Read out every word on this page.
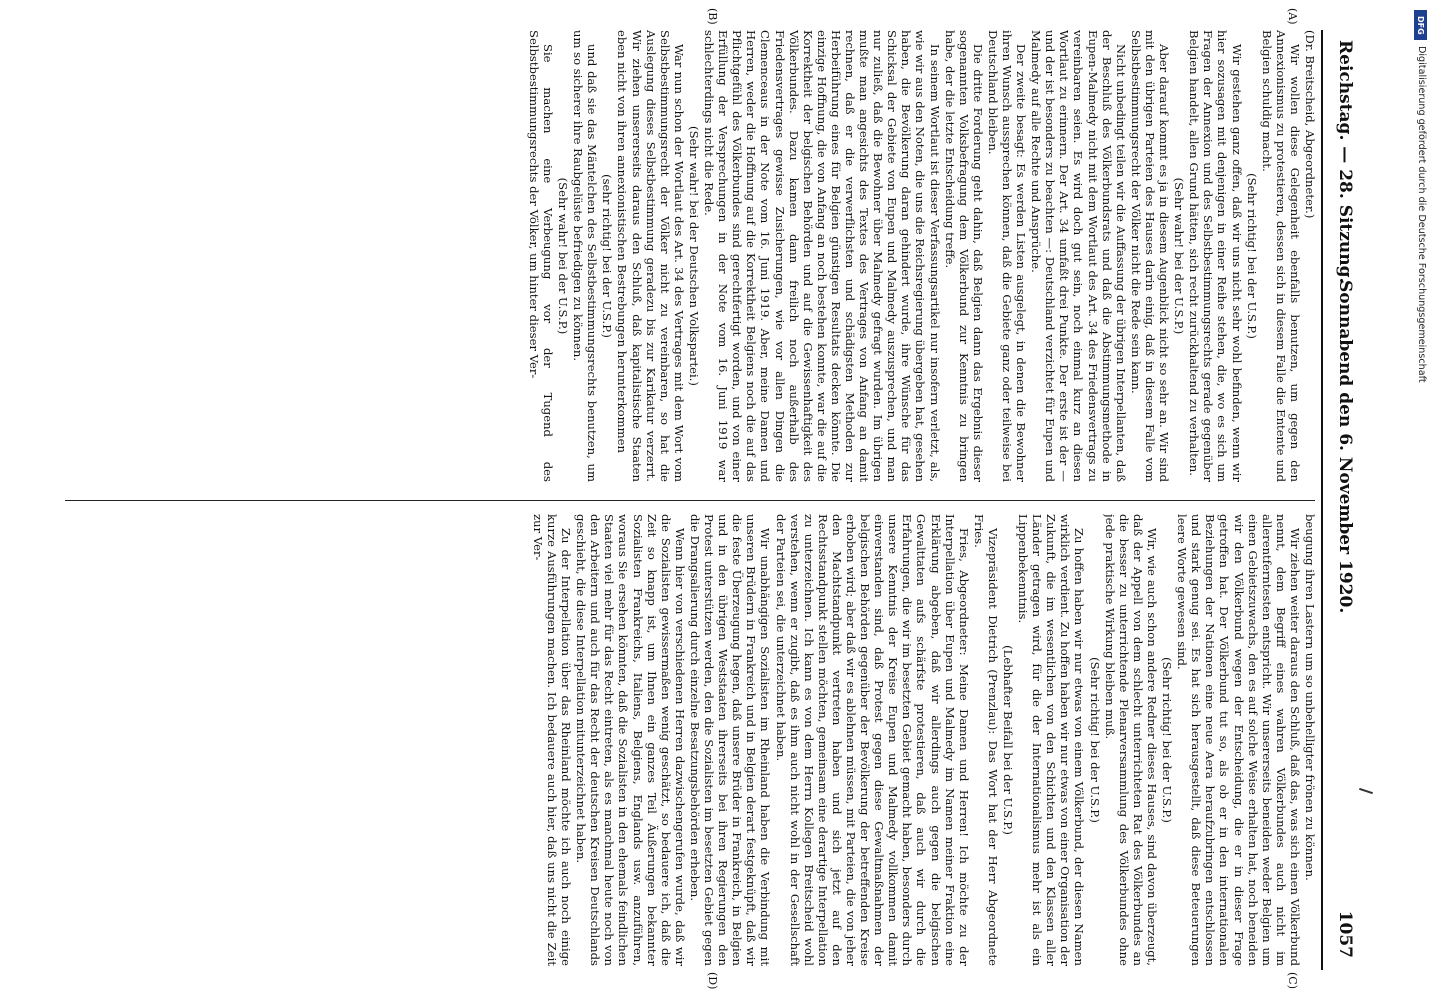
Reichstag. — 28. Sitzung.
Sonnabend den 6. November 1920.
1057
(A)
(B)
(C)
(D)

(Dr. Breitscheid, Abgeordneter.)

Wir wollen diese Gelegenheit ebenfalls benutzen, um gegen den Annexionismus zu protestieren, dessen sich in diesem Falle die Entente und Belgien schuldig macht.

(Sehr richtig! bei der U.S.P.)

Wir gestehen ganz offen, daß wir uns nicht sehr wohl befinden, wenn wir hier sozusagen mit denjenigen in einer Reihe stehen, die, wo es sich um Fragen der Annexion und des Selbstbestimmungsrechts gerade gegenüber Belgien handelt, allen Grund hätten, sich recht zurückhaltend zu verhalten.

(Sehr wahr! bei der U.S.P.)

Aber darauf kommt es ja in diesem Augenblick nicht so sehr an. Wir sind mit den übrigen Parteien des Hauses darin einig, daß in diesem Falle vom Selbstbestimmungsrecht der Völker nicht die Rede sein kann.

Nicht unbedingt teilen wir die Auffassung der übrigen Interpellanten, daß der Beschluß des Völkerbundsrats und daß die Abstimmungsmethode in Eupen-Malmedy nicht mit dem Wortlaut des Art. 34 des Friedensvertrags zu vereinbaren seien. Es wird doch gut sein, noch einmal kurz an diesen Wortlaut zu erinnern. Der Art. 34 umfaßt drei Punkte. Der erste ist der — und der ist besonders zu beachten —: Deutschland verzichtet für Eupen und Malmedy auf alle Rechte und Ansprüche.

Der zweite besagt: Es werden Listen ausgelegt, in denen die Bewohner ihren Wunsch aussprechen können, daß die Gebiete ganz oder teilweise bei Deutschland bleiben.

Die dritte Forderung geht dahin, daß Belgien dann das Ergebnis dieser sogenannten Volksbefragung dem Völkerbund zur Kenntnis zu bringen habe, der die letzte Entscheidung treffe.

In seinem Wortlaut ist dieser Verfassungsartikel nur insofern verletzt, als, wie wir aus den Noten, die uns die Reichsregierung übergeben hat, gesehen haben, die Bevölkerung daran gehindert wurde, ihre Wünsche für das Schicksal der Gebiete von Eupen und Malmedy auszusprechen, und man nur zuließ, daß die Bewohner über Malmedy gefragt wurden. Im übrigen mußte man angesichts des Textes des Vertrages von Anfang an damit rechnen, daß er die verwerflichsten und schädigsten Methoden zur Herbeiführung eines für Belgien günstigen Resultats decken könnte. Die einzige Hoffnung, die von Anfang an noch bestehen konnte, war die auf die Korrektheit der belgischen Behörden und auf die Gewissenhaftigkeit des Völkerbundes. Dazu kamen dann freilich noch außerhalb des Friedensvertrages gewisse Zusicherungen, wie vor allen Dingen die Clemenceaus in der Note vom 16. Juni 1919. Aber, meine Damen und Herren, weder die Hoffnung auf die Korrektheit Belgiens noch die auf das Pflichtgefühl des Völkerbundes sind gerechtfertigt worden, und von einer Erfüllung der Versprechungen in der Note vom 16. Juni 1919 war schlechterdings nicht die Rede.

(Sehr wahr! bei der Deutschen Volkspartei.)

War nun schon der Wortlaut des Art. 34 des Vertrages mit dem Wort vom Selbstbestimmungsrecht der Völker nicht zu vereinbaren, so hat die Auslegung dieses Selbstbestimmung geradezu bis zur Karikatur verzerrt. Wir ziehen unsererseits daraus den Schluß, daß kapitalistische Staaten eben nicht von ihren annexionistischen Bestrebungen herunterkommen

(sehr richtig! bei der U.S.P.)

und daß sie das Mäntelchen des Selbstbestimmungsrechts benutzen, um um so sicherer ihre Raubgelüste befriedigen zu können.

(Sehr wahr! bei der U.S.P.)

Sie machen eine Verbeugung vor der Tugend des Selbstbestimmungsrechts der Völker, um hinter dieser Ver-

beugung ihren Lastern um so unbehelligter frönen zu können.

Wir ziehen weiter daraus den Schluß, daß das, was sich einen Völkerbund nennt, dem Begriff eines wahren Völkerbundes auch nicht im allerentferntesten entspricht. Wir unsererseits beneiden weder Belgien um einen Gebietszuwachs, den es auf solche Weise erhalten hat, noch beneiden wir den Völkerbund wegen der Entscheidung, die er in dieser Frage getroffen hat. Der Völkerbund tut so, als ob er in den internationalen Beziehungen der Nationen eine neue Aera heraufzubringen entschlossen und stark genug sei. Es hat sich herausgestellt, daß diese Beteuerungen leere Worte gewesen sind.

(Sehr richtig! bei der U.S.P.)

Wir, wie auch schon andere Redner dieses Hauses, sind davon überzeugt, daß der Appell von dem schlecht unterrichteten Rat des Völkerbundes an die besser zu unterrichtende Plenarversammlung des Völkerbundes ohne jede praktische Wirkung bleiben muß.

(Sehr richtig! bei der U.S.P.)

Zu hoffen haben wir nur etwas von einem Völkerbund, der diesen Namen wirklich verdient. Zu hoffen haben wir nur etwas von einer Organisation der Zukunft, die im wesentlichen von den Schichten und den Klassen aller Länder getragen wird, für die der Internationalismus mehr ist als ein Lippenbekenntnis.

(Lebhafter Beifall bei der U.S.P.)

Vizepräsident Dietrich (Prenzlau): Das Wort hat der Herr Abgeordnete Fries.

Fries, Abgeordneter: Meine Damen und Herren! Ich möchte zu der Interpellation über Eupen und Malmedy im Namen meiner Fraktion eine Erklärung abgeben, daß wir allerdings auch gegen die belgischen Gewalttaten aufs schärfste protestieren, daß auch wir durch die Erfahrungen, die wir im besetzten Gebiet gemacht haben, besonders durch unsere Kenntnis der Kreise Eupen und Malmedy vollkommen damit einverstanden sind, daß Protest gegen diese Gewaltmaßnahmen der belgischen Behörden gegenüber der Bevölkerung der betreffenden Kreise erhoben wird; aber daß wir es ablehnen müssen, mit Parteien, die von jeher den Machtstandpunkt vertreten haben und sich jetzt auf den Rechtsstandpunkt stellen möchten, gemeinsam eine derartige Interpellation zu unterzeichnen. Ich kann es von dem Herrn Kollegen Breitscheid wohl verstehen, wenn er zugibt, daß es ihm auch nicht wohl in der Gesellschaft der Parteien sei, die unterzeichnet haben.

Wir unabhängigen Sozialisten im Rheinland haben die Verbindung mit unseren Brüdern in Frankreich und in Belgien derart festgeknüpft, daß wir die feste Überzeugung hegen, daß unsere Brüder in Frankreich, in Belgien und in den übrigen Weststaaten ihrerseits bei ihren Regierungen den Protest unterstützen werden, den die Sozialisten im besetzten Gebiet gegen die Drangsalierung durch einzelne Besatzungsbehörden erheben.

Wenn hier von verschiedenen Herren dazwischengerufen wurde, daß wir die Sozialisten gewissermaßen wenig geschätzt, so bedauere ich, daß die Zeit so knapp ist, um Ihnen ein ganzes Teil Äußerungen bekannter Sozialisten Frankreichs, Italiens, Belgiens, Englands usw. anzuführen, woraus Sie ersehen könnten, daß die Sozialisten in den ehemals feindlichen Staaten viel mehr für das Recht eintreten, als es manchmal heute noch von den Arbeitern und auch für das Recht der deutschen Kreisen Deutschlands geschieht, die diese Interpellation mitunterzeichnet haben.

Zu der Interpellation über das Rheinland möchte ich auch noch einige kurze Ausführungen machen. Ich bedauere auch hier, daß uns nicht die Zeit zur Ver-

DFG
Digitalisierung gefördert durch die Deutsche Forschungsgemeinschaft
